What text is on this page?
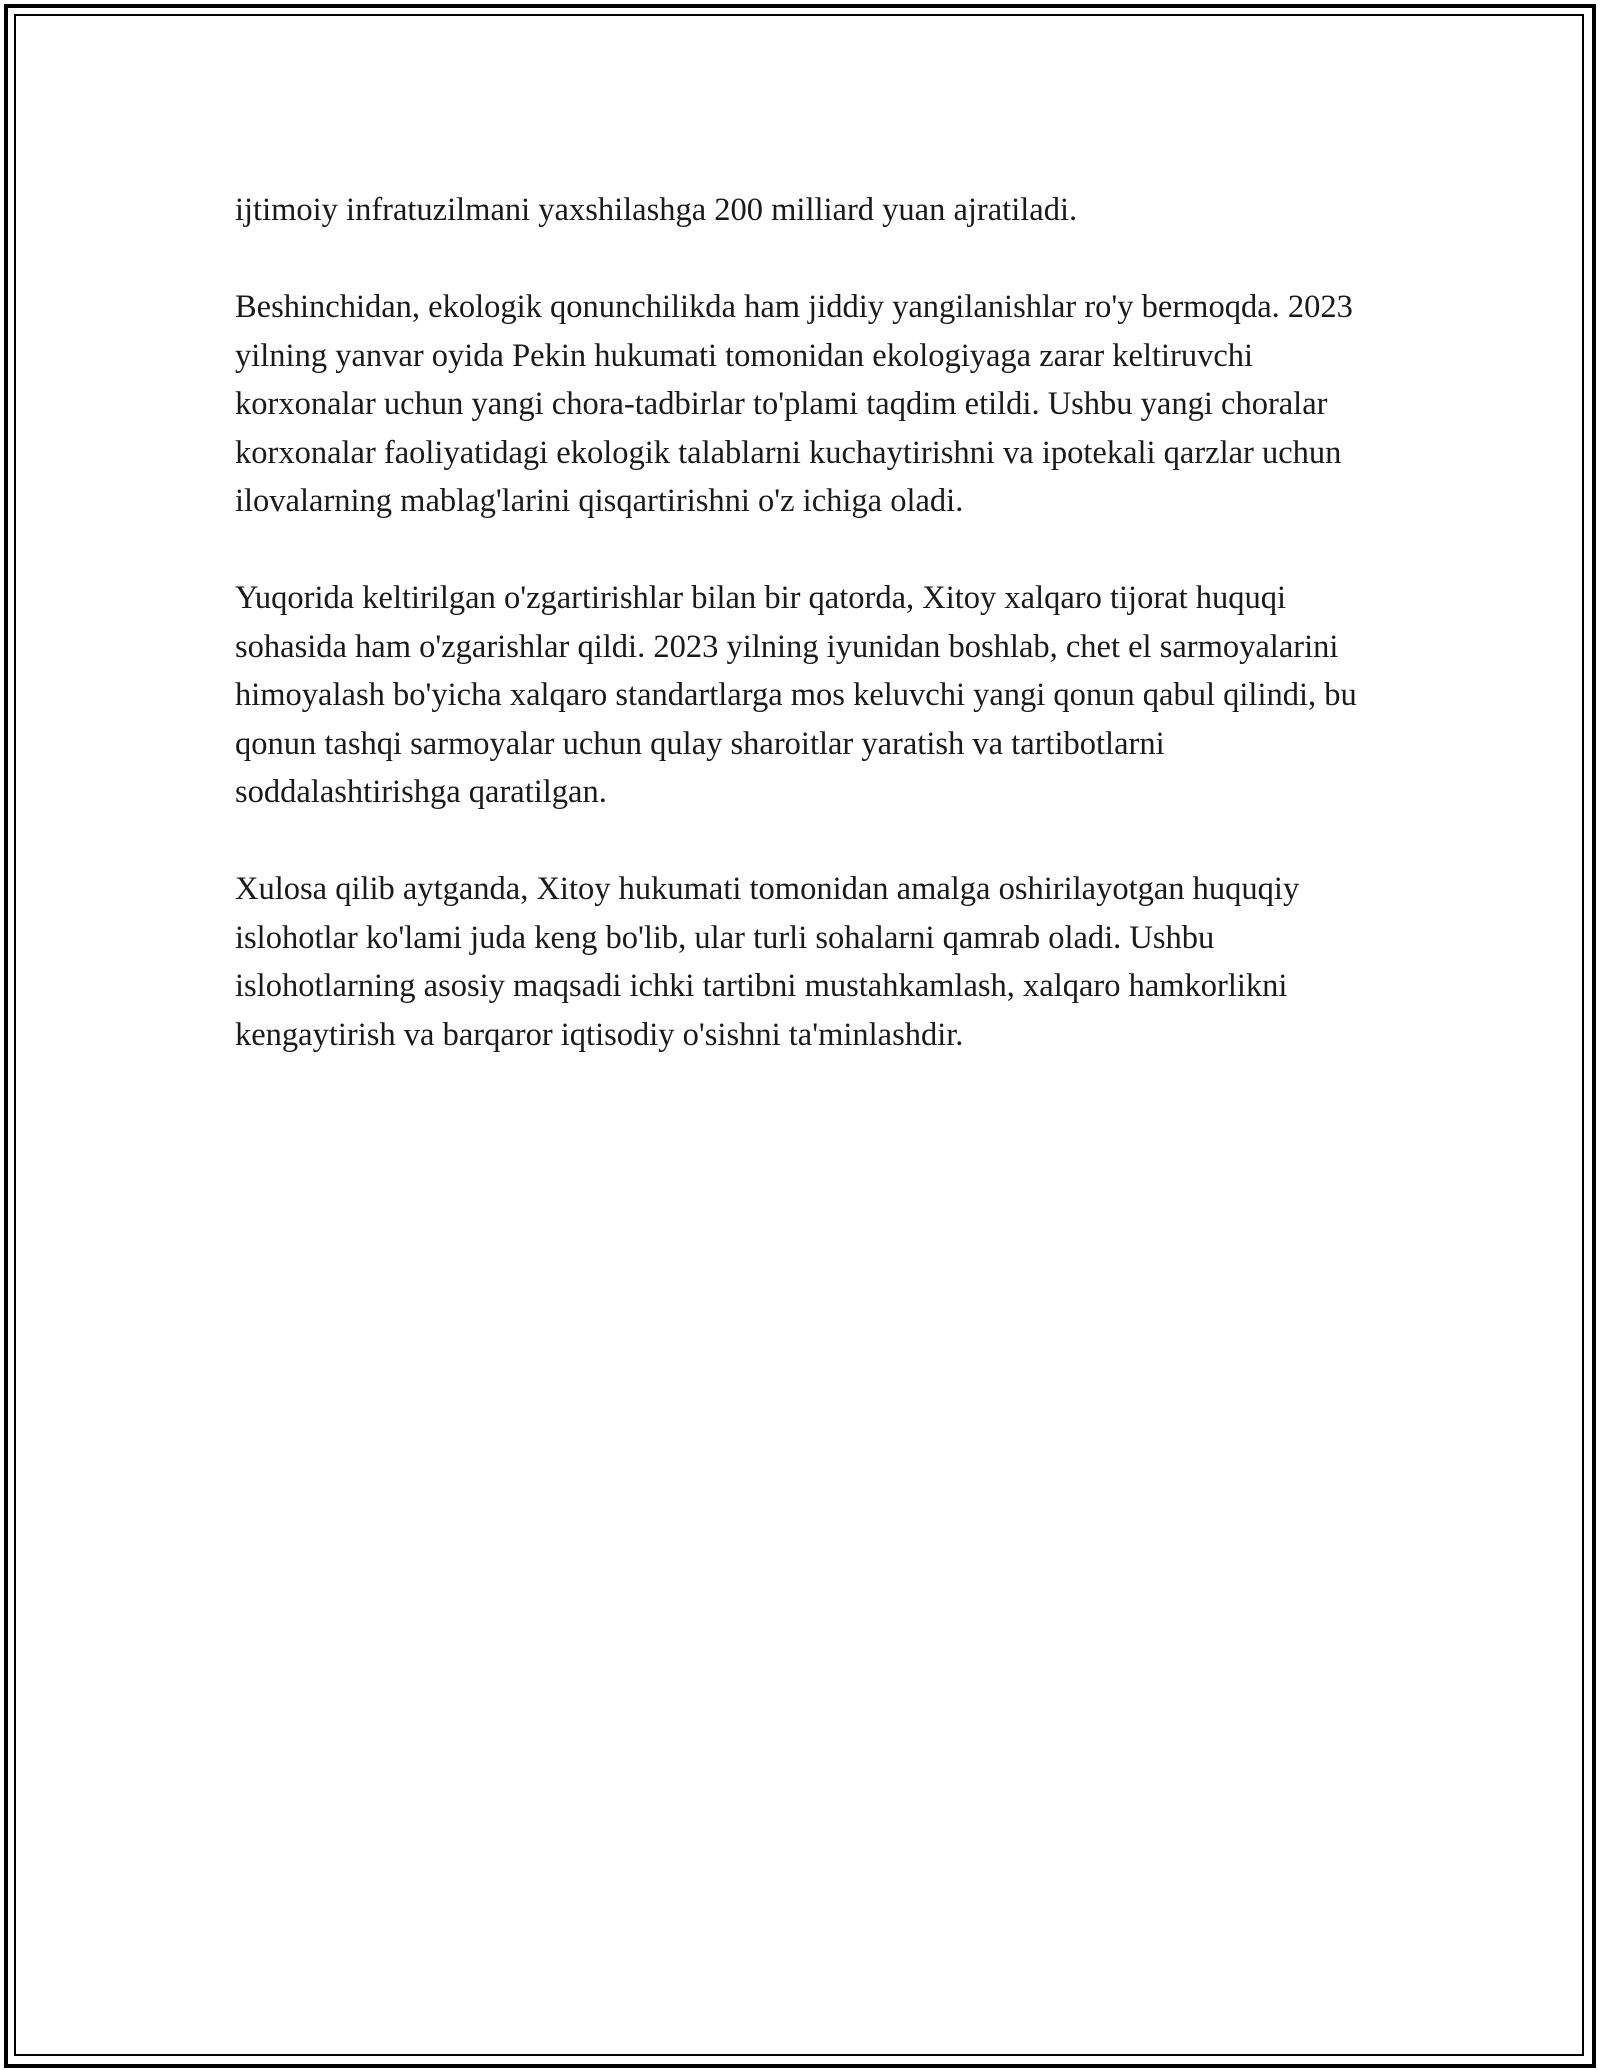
ijtimoiy infratuzilmani yaxshilashga 200 milliard yuan ajratiladi.

Beshinchidan, ekologik qonunchilikda ham jiddiy yangilanishlar ro'y bermoqda. 2023 yilning yanvar oyida Pekin hukumati tomonidan ekologiyaga zarar keltiruvchi korxonalar uchun yangi chora-tadbirlar to'plami taqdim etildi. Ushbu yangi choralar korxonalar faoliyatidagi ekologik talablarni kuchaytirishni va ipotekali qarzlar uchun ilovalarning mablag'larini qisqartirishni o'z ichiga oladi.

Yuqorida keltirilgan o'zgartirishlar bilan bir qatorda, Xitoy xalqaro tijorat huquqi sohasida ham o'zgarishlar qildi. 2023 yilning iyunidan boshlab, chet el sarmoyalarini himoyalash bo'yicha xalqaro standartlarga mos keluvchi yangi qonun qabul qilindi, bu qonun tashqi sarmoyalar uchun qulay sharoitlar yaratish va tartibotlarni soddalashtirishga qaratilgan.

Xulosa qilib aytganda, Xitoy hukumati tomonidan amalga oshirilayotgan huquqiy islohotlar ko'lami juda keng bo'lib, ular turli sohalarni qamrab oladi. Ushbu islohotlarning asosiy maqsadi ichki tartibni mustahkamlash, xalqaro hamkorlikni kengaytirish va barqaror iqtisodiy o'sishni ta'minlashdir.
